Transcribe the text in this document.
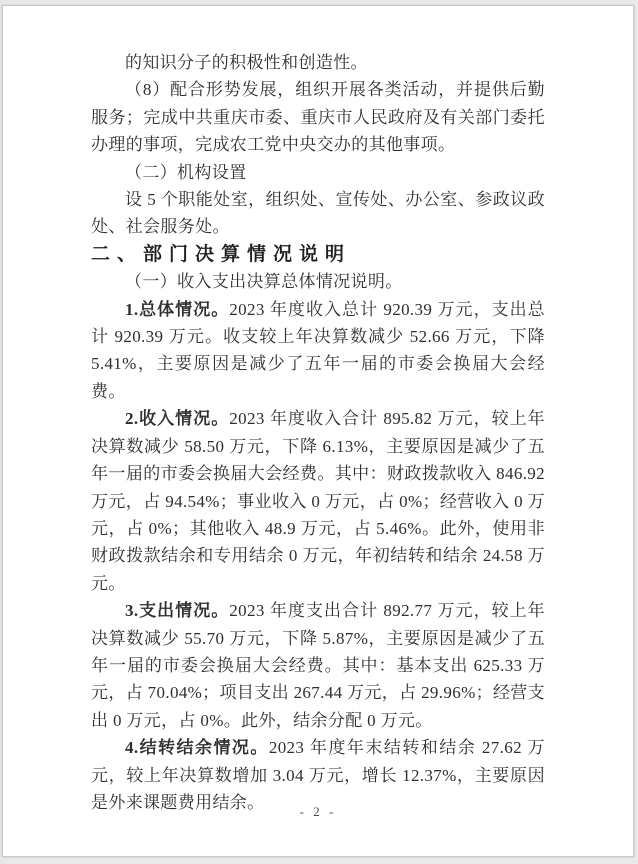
的知识分子的积极性和创造性。

（8）配合形势发展，组织开展各类活动，并提供后勤服务；完成中共重庆市委、重庆市人民政府及有关部门委托办理的事项，完成农工党中央交办的其他事项。

（二）机构设置

设 5 个职能处室，组织处、宣传处、办公室、参政议政处、社会服务处。

二、部门决算情况说明

（一）收入支出决算总体情况说明。

1.总体情况。2023 年度收入总计 920.39 万元，支出总计 920.39 万元。收支较上年决算数减少 52.66 万元，下降 5.41%，主要原因是减少了五年一届的市委会换届大会经费。

2.收入情况。2023 年度收入合计 895.82 万元，较上年决算数减少 58.50 万元，下降 6.13%，主要原因是减少了五年一届的市委会换届大会经费。其中：财政拨款收入 846.92 万元，占 94.54%；事业收入 0 万元，占 0%；经营收入 0 万元，占 0%；其他收入 48.9 万元，占 5.46%。此外，使用非财政拨款结余和专用结余 0 万元，年初结转和结余 24.58 万元。

3.支出情况。2023 年度支出合计 892.77 万元，较上年决算数减少 55.70 万元，下降 5.87%，主要原因是减少了五年一届的市委会换届大会经费。其中：基本支出 625.33 万元，占 70.04%；项目支出 267.44 万元，占 29.96%；经营支出 0 万元，占 0%。此外，结余分配 0 万元。

4.结转结余情况。2023 年度年末结转和结余 27.62 万元，较上年决算数增加 3.04 万元，增长 12.37%，主要原因是外来课题费用结余。	- 2 -
